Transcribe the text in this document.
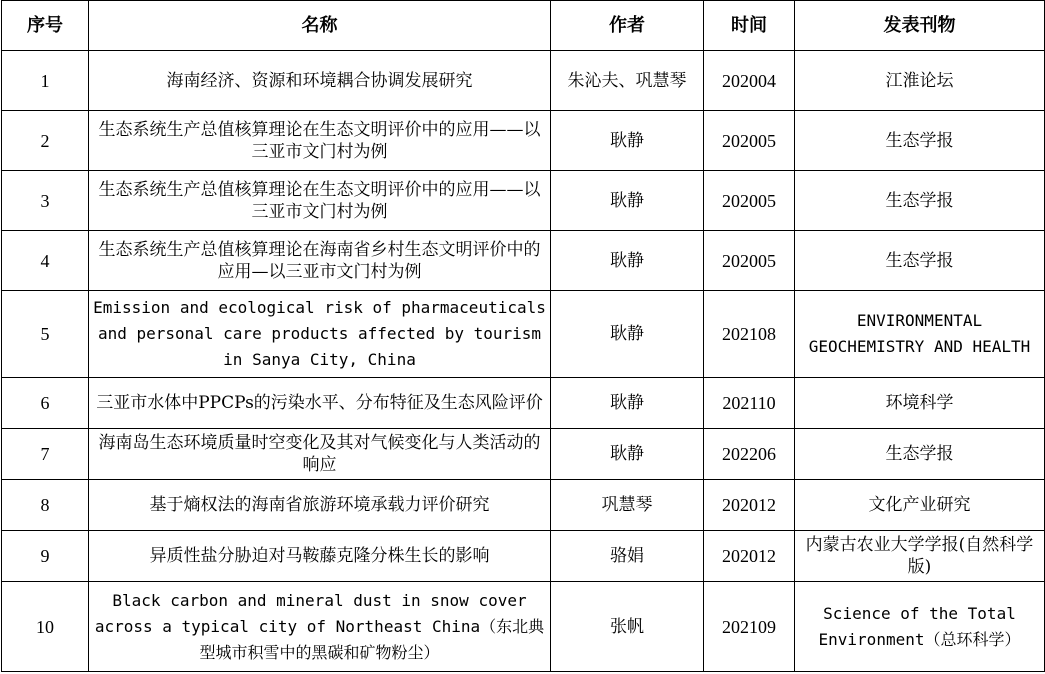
序号	名称	作者	时间	发表刊物
1	海南经济、资源和环境耦合协调发展研究	朱沁夫、巩慧琴	202004	江淮论坛
2	生态系统生产总值核算理论在生态文明评价中的应用——以三亚市文门村为例	耿静	202005	生态学报
3	生态系统生产总值核算理论在生态文明评价中的应用——以三亚市文门村为例	耿静	202005	生态学报
4	生态系统生产总值核算理论在海南省乡村生态文明评价中的应用—以三亚市文门村为例	耿静	202005	生态学报
5	Emission and ecological risk of pharmaceuticals and personal care products affected by tourism in Sanya City, China	耿静	202108	ENVIRONMENTAL GEOCHEMISTRY AND HEALTH
6	三亚市水体中PPCPs的污染水平、分布特征及生态风险评价	耿静	202110	环境科学
7	海南岛生态环境质量时空变化及其对气候变化与人类活动的响应	耿静	202206	生态学报
8	基于熵权法的海南省旅游环境承载力评价研究	巩慧琴	202012	文化产业研究
9	异质性盐分胁迫对马鞍藤克隆分株生长的影响	骆娟	202012	内蒙古农业大学学报(自然科学版)
10	Black carbon and mineral dust in snow cover across a typical city of Northeast China（东北典型城市积雪中的黑碳和矿物粉尘）	张帆	202109	Science of the Total Environment（总环科学）
